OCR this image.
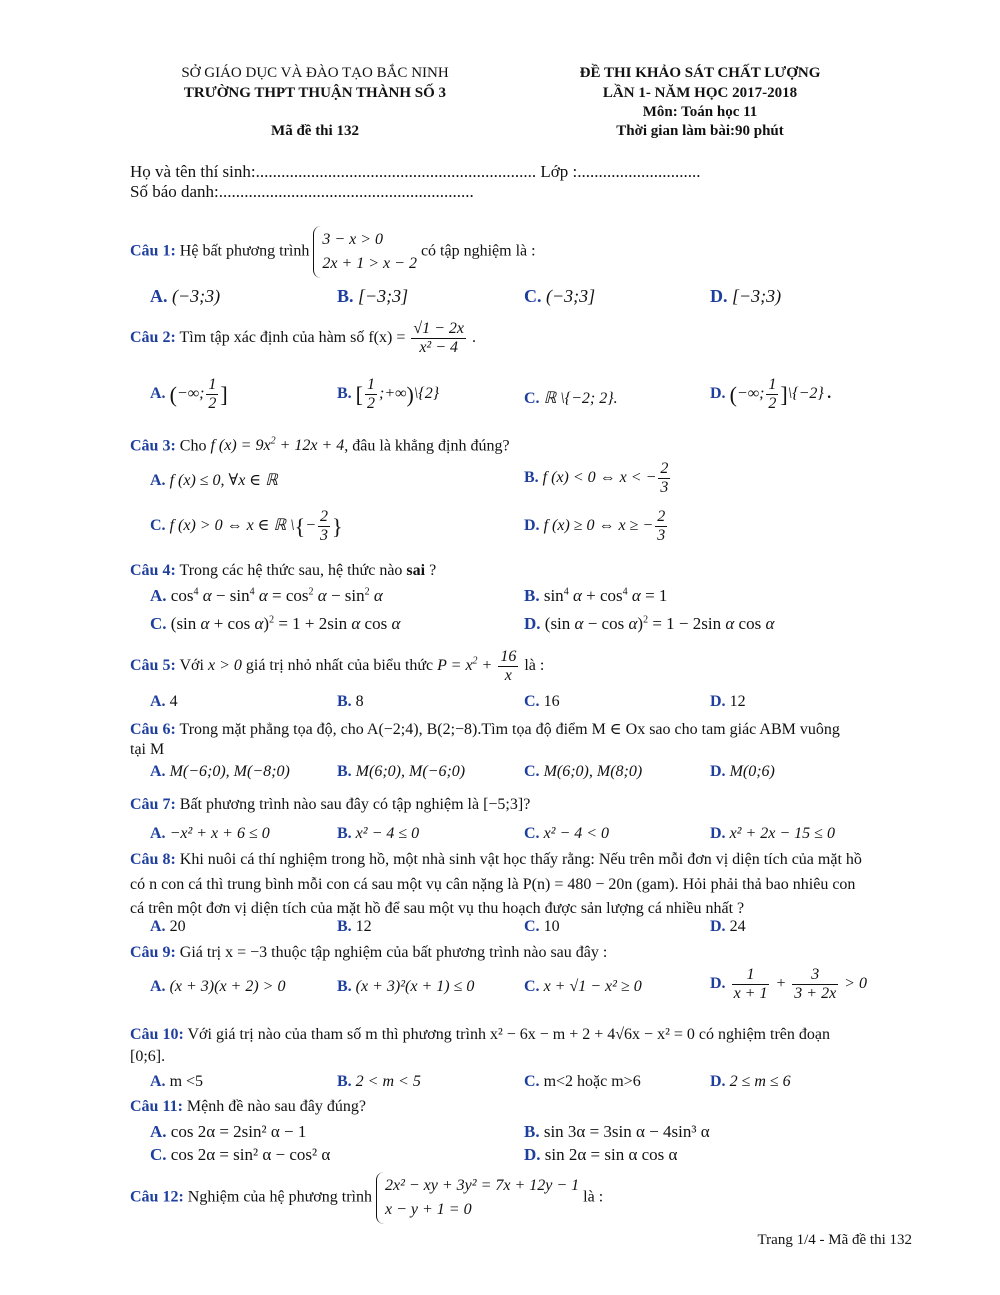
SỞ GIÁO DỤC VÀ ĐÀO TẠO BẮC NINH
TRƯỜNG THPT THUẬN THÀNH SỐ 3
Mã đề thi 132
ĐỀ THI KHẢO SÁT CHẤT LƯỢNG
LẦN 1- NĂM HỌC 2017-2018
Môn: Toán học 11
Thời gian làm bài:90 phút
Họ và tên thí sinh:.................................................................. Lớp :.............................
Số báo danh:............................................................
Câu 1: Hệ bất phương trình
3 − x > 0
2x + 1 > x − 2
có tập nghiệm là :
A. (−3;3)	B. [−3;3]	C. (−3;3]	D. [−3;3)
Câu 2: Tìm tập xác định của hàm số $f(x) = \frac{√1 - 2x}{\text{x² − 4}}$ .
A. (−∞; $\frac{1}{2}$ ]	B. [ $\frac{1}{2}$ ;+∞)\{2}	C. ℝ \{−2; 2}.	D. (−∞; $\frac{1}{2}$ ]\{−2} .
Câu 3: Cho f $(x) = 9x^2 + 12x + 4$, đâu là khẳng định đúng?
A. f (x) ≤ 0, ∀x ∈ ℝ	B. f (x) < 0 ⇔ x < − $\frac{2}{3}$
C. f (x) > 0 ⇔ x ∈ ℝ \{− $\frac{2}{3}$ }	D. f (x) ≥ 0 ⇔ x ≥ − $\frac{2}{3}$
Câu 4: Trong các hệ thức sau, hệ thức nào sai ?
A. $\cos^4 \alpha - \sin^4 \alpha = \cos^2 \alpha - \sin^2 \alpha$	B. $\sin^4 \alpha + \cos^4 \alpha = 1$
C. (sin α + cos α)$^2$ = 1 + 2sin α cos α	D. (sin α − cos α)$^2$ = 1 − 2sin α cos α
Câu 5: Với x > 0 giá trị nhỏ nhất của biểu thức $P = x^2 + \frac{16}{x}$ là :
A. 4	B. 8	C. 16	D. 12
Câu 6: Trong mặt phẳng tọa độ, cho A(−2;4), B(2;−8).Tìm tọa độ điểm M ∈ Ox sao cho tam giác ABM vuông
tại M
A. M(−6;0), M(−8;0)	B. M(6;0), M(−6;0)	C. M(6;0), M(8;0)	D. M(0;6)
Câu 7: Bất phương trình nào sau đây có tập nghiệm là [−5;3]?
A. −x² + x + 6 ≤ 0	B. x² − 4 ≤ 0	C. x² − 4 < 0	D. x² + 2x − 15 ≤ 0
Câu 8: Khi nuôi cá thí nghiệm trong hồ, một nhà sinh vật học thấy rằng: Nếu trên mỗi đơn vị diện tích của mặt hồ
có n con cá thì trung bình mỗi con cá sau một vụ cân nặng là P(n) = 480 − 20n (gam). Hỏi phải thả bao nhiêu con
cá trên một đơn vị diện tích của mặt hồ để sau một vụ thu hoạch được sản lượng cá nhiều nhất ?
A. 20	B. 12	C. 10	D. 24
Câu 9: Giá trị x = −3 thuộc tập nghiệm của bất phương trình nào sau đây :
A. (x + 3)(x + 2) > 0	B. (x + 3)²(x + 1) ≤ 0	C. x + √1 − x² ≥ 0	D. $\frac{1}{x + 1} + \frac{3}{3 + 2x} > 0$
Câu 10: Với giá trị nào của tham số m thì phương trình x² − 6x − m + 2 + 4√6x − x² = 0 có nghiệm trên đoạn
[0;6].
A. m <5	B. 2 < m < 5	C. m<2 hoặc m>6	D. 2 ≤ m ≤ 6
Câu 11: Mệnh đề nào sau đây đúng?
A. cos 2α = 2sin² α − 1	B. sin 3α = 3sin α − 4sin³ α
C. cos 2α = sin² α − cos² α	D. sin 2α = sin α cos α
Câu 12: Nghiệm của hệ phương trình
2x² − xy + 3y² = 7x + 12y − 1
x − y + 1 = 0
là :
Trang 1/4 - Mã đề thi 132
